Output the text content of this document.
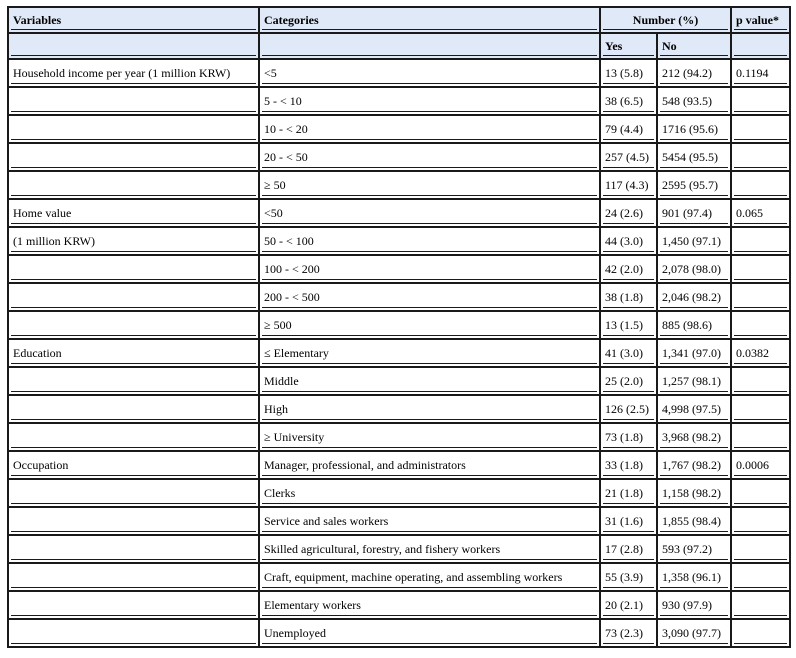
Variables	Categories	Number (%)		p value*
		Yes	No	
Household income per year (1 million KRW)	<5	13 (5.8)	212 (94.2)	0.1194
	5 - < 10	38 (6.5)	548 (93.5)	
	10 - < 20	79 (4.4)	1716 (95.6)	
	20 - < 50	257 (4.5)	5454 (95.5)	
	≥ 50	117 (4.3)	2595 (95.7)	
Home value	<50	24 (2.6)	901 (97.4)	0.065
(1 million KRW)	50 - < 100	44 (3.0)	1,450 (97.1)	
	100 - < 200	42 (2.0)	2,078 (98.0)	
	200 - < 500	38 (1.8)	2,046 (98.2)	
	≥ 500	13 (1.5)	885 (98.6)	
Education	≤ Elementary	41 (3.0)	1,341 (97.0)	0.0382
	Middle	25 (2.0)	1,257 (98.1)	
	High	126 (2.5)	4,998 (97.5)	
	≥ University	73 (1.8)	3,968 (98.2)	
Occupation	Manager, professional, and administrators	33 (1.8)	1,767 (98.2)	0.0006
	Clerks	21 (1.8)	1,158 (98.2)	
	Service and sales workers	31 (1.6)	1,855 (98.4)	
	Skilled agricultural, forestry, and fishery workers	17 (2.8)	593 (97.2)	
	Craft, equipment, machine operating, and assembling workers	55 (3.9)	1,358 (96.1)	
	Elementary workers	20 (2.1)	930 (97.9)	
	Unemployed	73 (2.3)	3,090 (97.7)	
